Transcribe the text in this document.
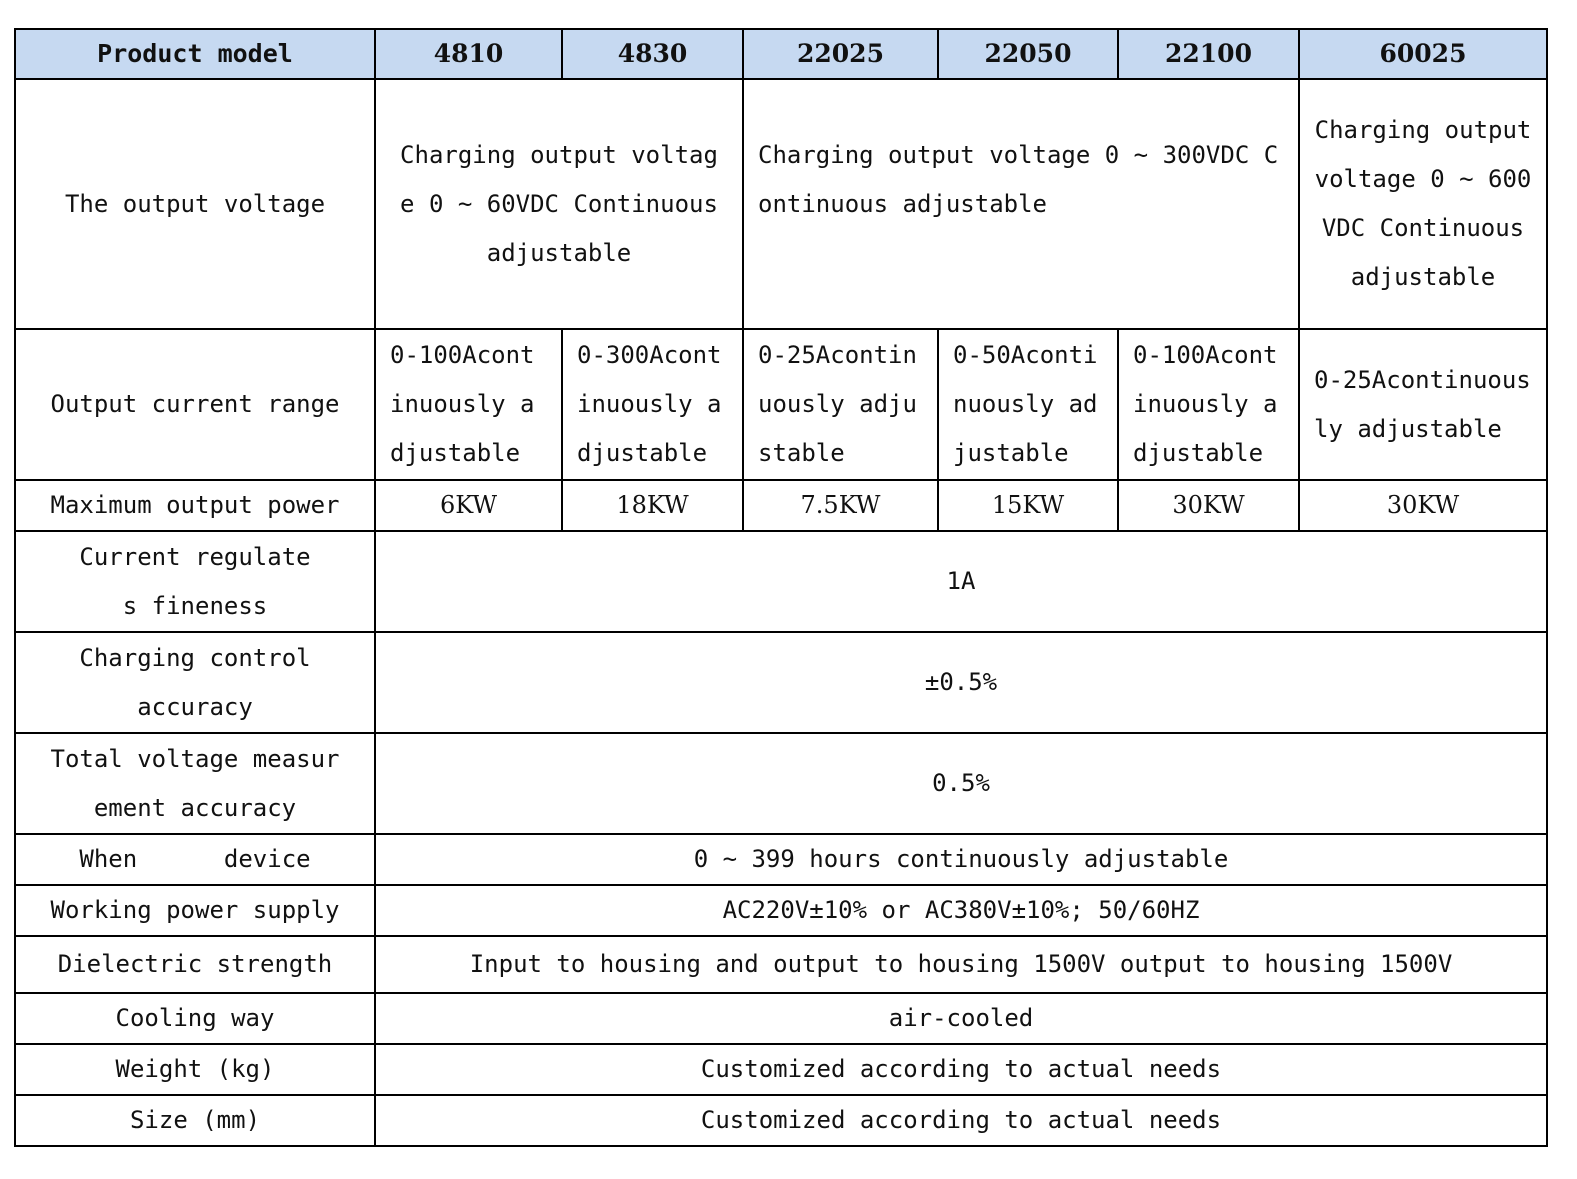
Product model	4810	4830	22025	22050	22100	60025
The output voltage	Charging output voltage 0 ~ 60VDC Continuous adjustable		Charging output voltage 0 ~ 300VDC Continuous adjustable			Charging output voltage 0 ~ 600VDC Continuous adjustable
Output current range	0-100Acontinuously adjustable	0-300Acontinuously adjustable	0-25Acontinuously adjustable	0-50Acontinuously adjustable	0-100Acontinuously adjustable	0-25Acontinuously adjustable
Maximum output power	6KW	18KW	7.5KW	15KW	30KW	30KW
Current regulates fineness	1A					
Charging control accuracy	±0.5%					
Total voltage measurement accuracy	0.5%					
When      device	0 ~ 399 hours continuously adjustable					
Working power supply	AC220V±10% or AC380V±10%; 50/60HZ					
Dielectric strength	Input to housing and output to housing 1500V output to housing 1500V					
Cooling way	air-cooled					
Weight (kg)	Customized according to actual needs					
Size (mm)	Customized according to actual needs					
